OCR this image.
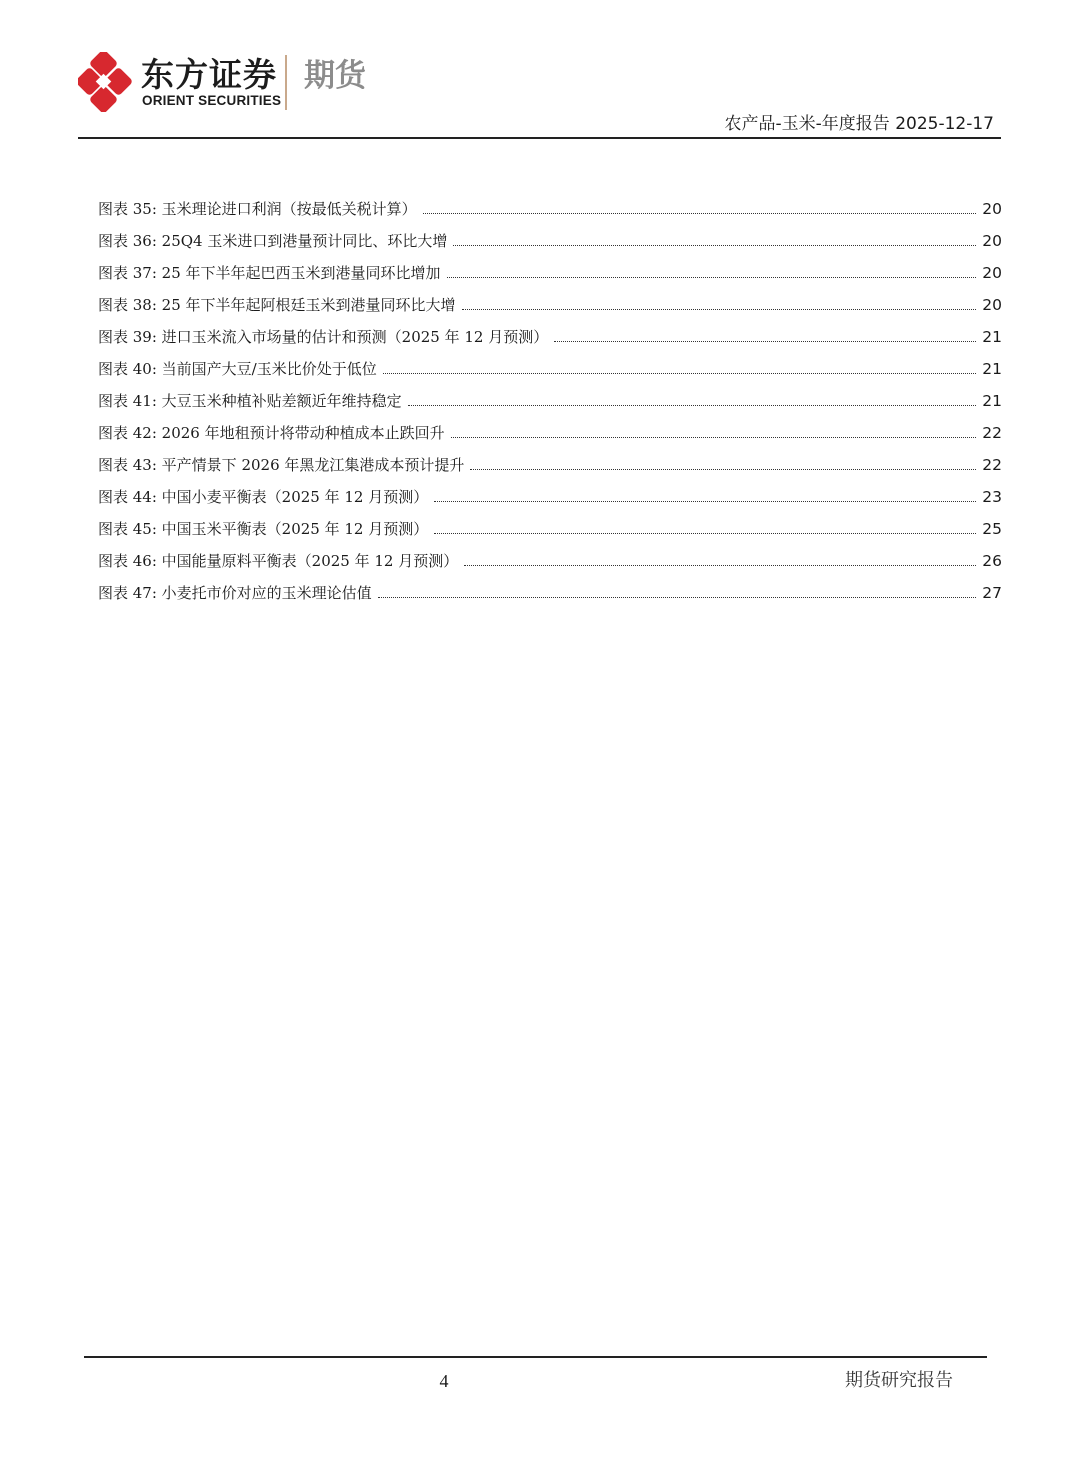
东方证券
ORIENT SECURITIES
期货
农产品-玉米-年度报告 2025-12-17
图表 35: 玉米理论进口利润（按最低关税计算）	20
图表 36: 25Q4 玉米进口到港量预计同比、环比大增	20
图表 37: 25 年下半年起巴西玉米到港量同环比增加	20
图表 38: 25 年下半年起阿根廷玉米到港量同环比大增	20
图表 39: 进口玉米流入市场量的估计和预测（2025 年 12 月预测）	21
图表 40: 当前国产大豆/玉米比价处于低位	21
图表 41: 大豆玉米种植补贴差额近年维持稳定	21
图表 42: 2026 年地租预计将带动种植成本止跌回升	22
图表 43: 平产情景下 2026 年黑龙江集港成本预计提升	22
图表 44: 中国小麦平衡表（2025 年 12 月预测）	23
图表 45: 中国玉米平衡表（2025 年 12 月预测）	25
图表 46: 中国能量原料平衡表（2025 年 12 月预测）	26
图表 47: 小麦托市价对应的玉米理论估值	27
4	期货研究报告
